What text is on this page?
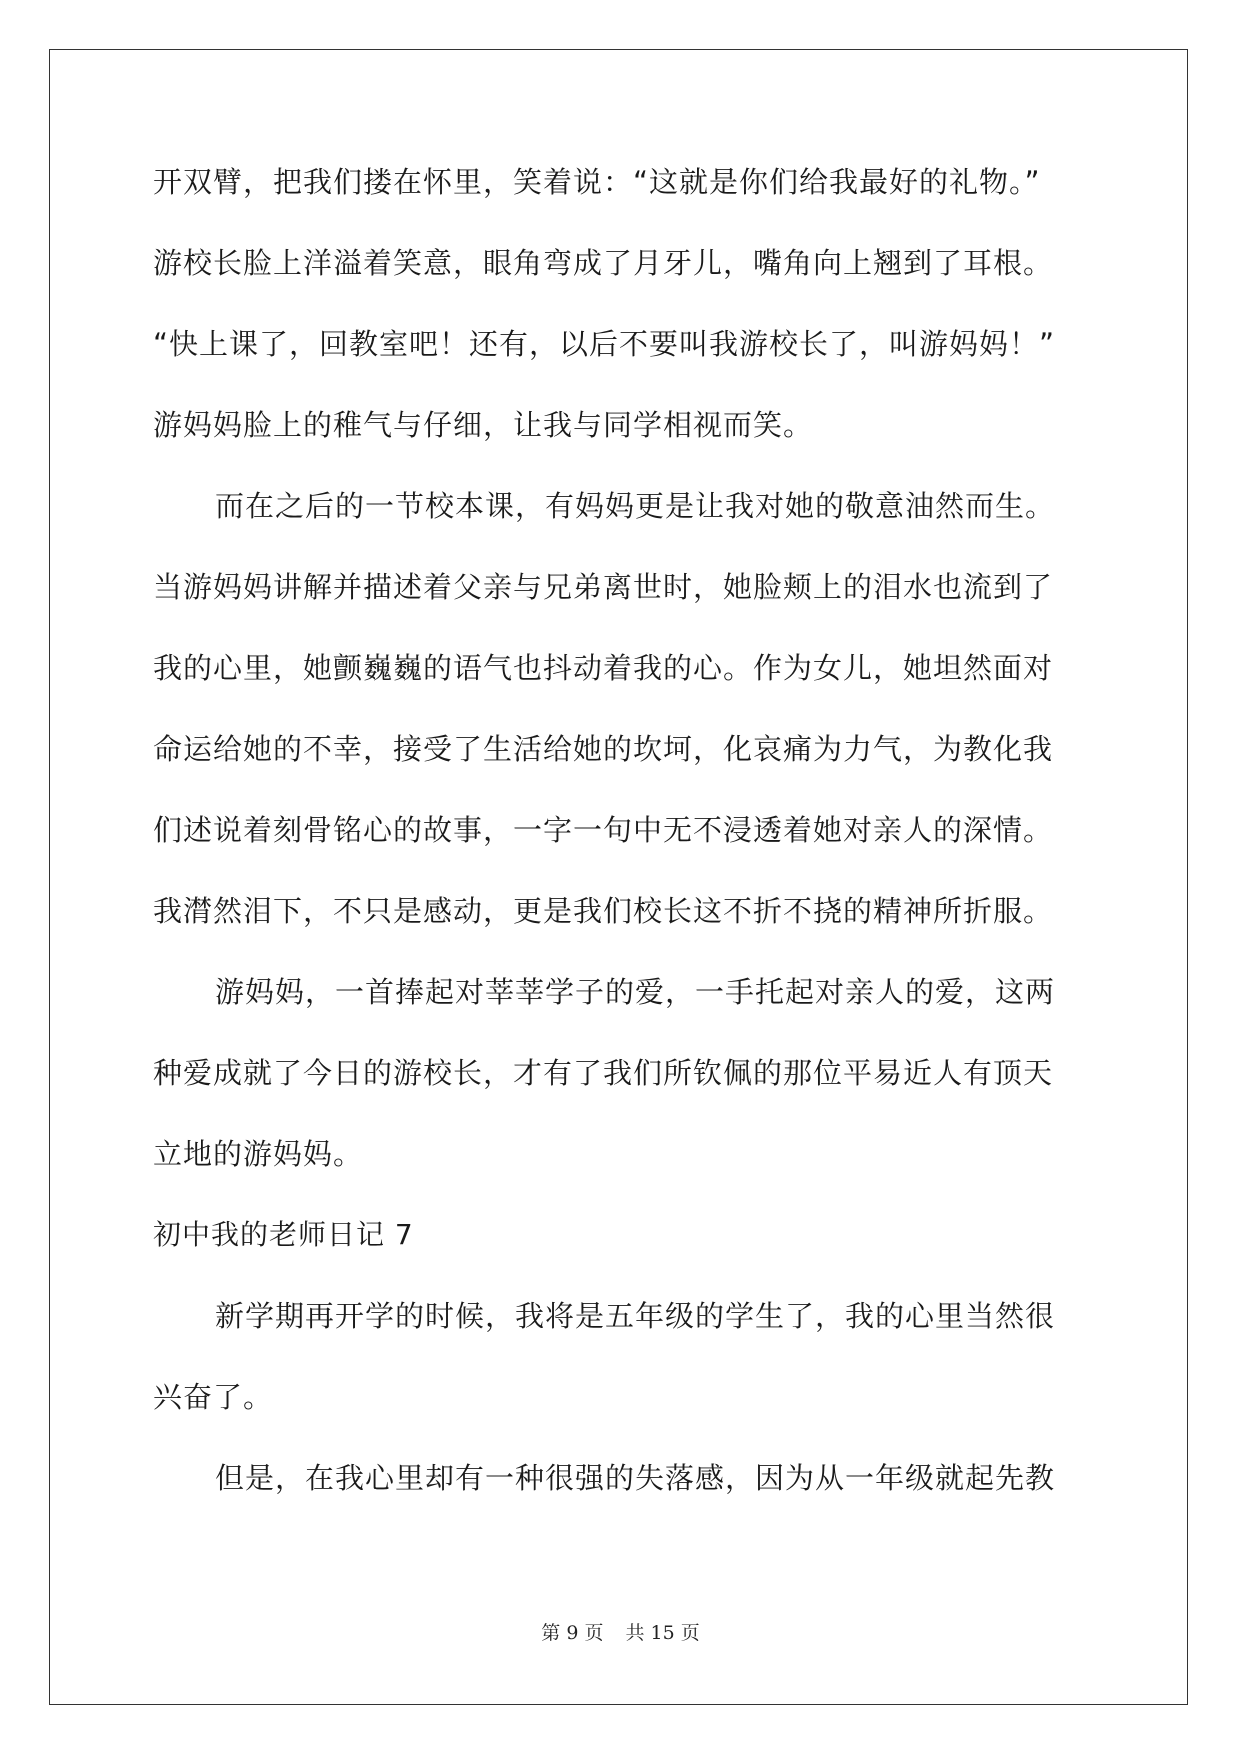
开双臂，把我们搂在怀里，笑着说：“这就是你们给我最好的礼物。”
游校长脸上洋溢着笑意，眼角弯成了月牙儿，嘴角向上翘到了耳根。
“快上课了，回教室吧！还有，以后不要叫我游校长了，叫游妈妈！”
游妈妈脸上的稚气与仔细，让我与同学相视而笑。
而在之后的一节校本课，有妈妈更是让我对她的敬意油然而生。
当游妈妈讲解并描述着父亲与兄弟离世时，她脸颊上的泪水也流到了
我的心里，她颤巍巍的语气也抖动着我的心。作为女儿，她坦然面对
命运给她的不幸，接受了生活给她的坎坷，化哀痛为力气，为教化我
们述说着刻骨铭心的故事，一字一句中无不浸透着她对亲人的深情。
我潸然泪下，不只是感动，更是我们校长这不折不挠的精神所折服。
游妈妈，一首捧起对莘莘学子的爱，一手托起对亲人的爱，这两
种爱成就了今日的游校长，才有了我们所钦佩的那位平易近人有顶天
立地的游妈妈。
初中我的老师日记 7
新学期再开学的时候，我将是五年级的学生了，我的心里当然很
兴奋了。
但是，在我心里却有一种很强的失落感，因为从一年级就起先教
第 9 页 共 15 页
